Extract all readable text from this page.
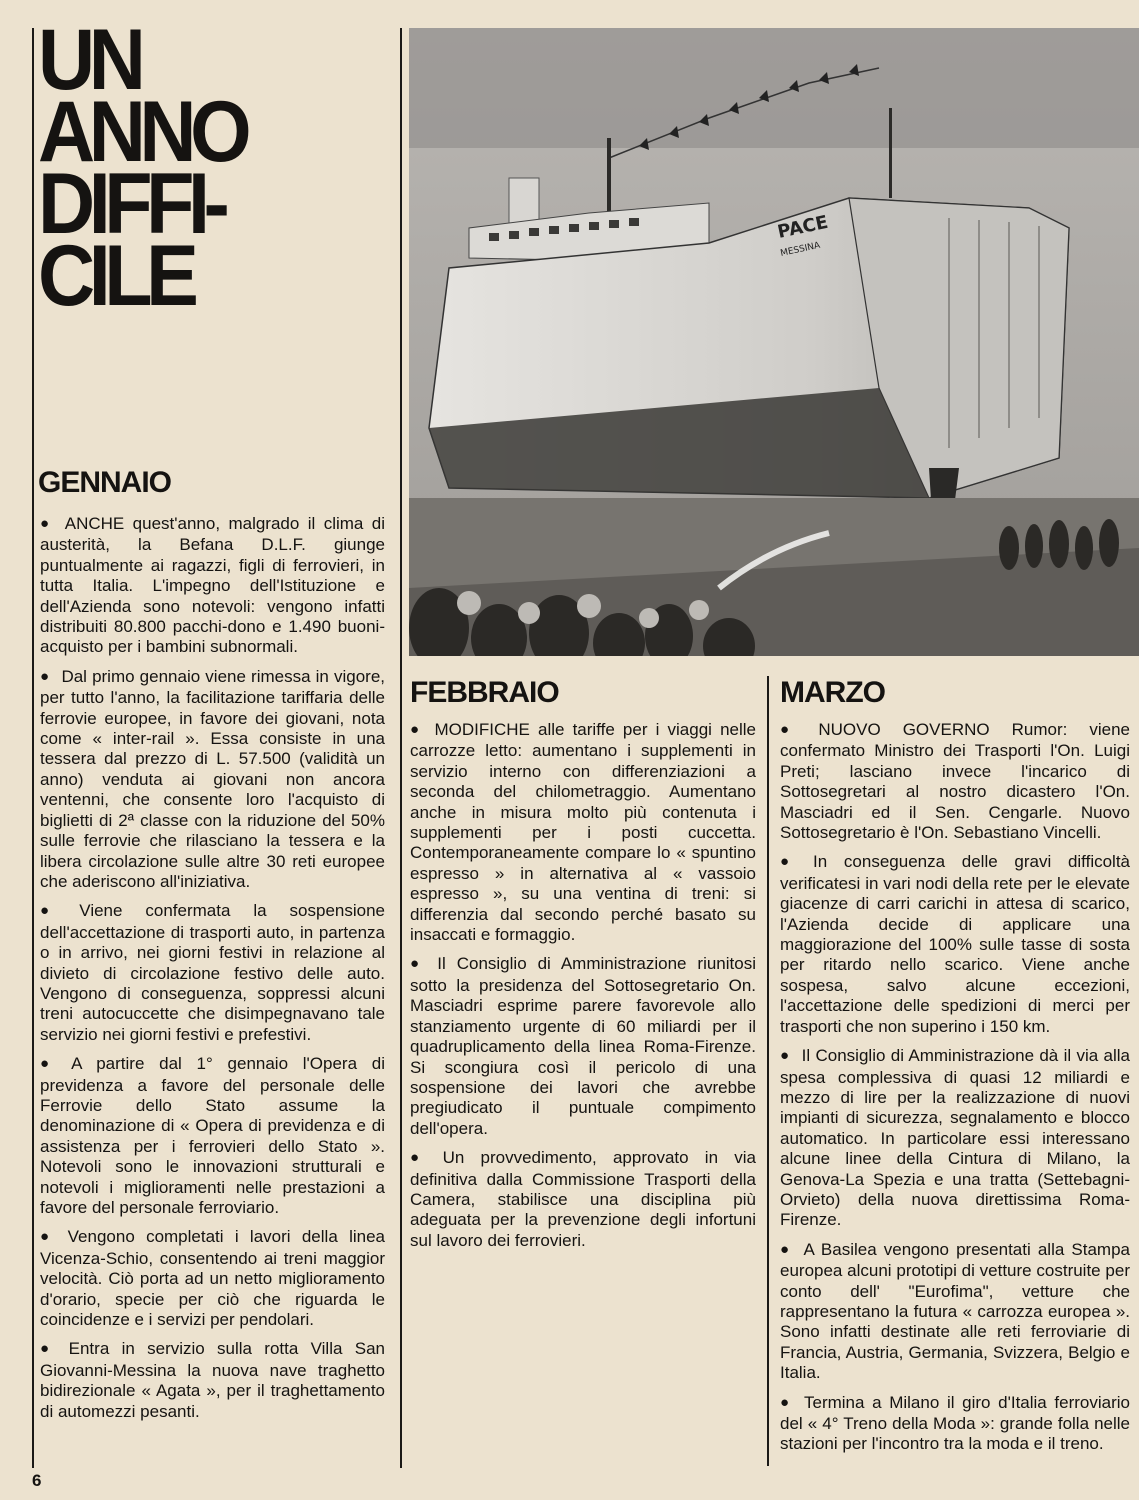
UN
ANNO
DIFFI-
CILE
PACE
MESSINA
GENNAIO

● ANCHE quest'anno, malgrado il clima di austerità, la Befana D.L.F. giunge puntualmente ai ragazzi, figli di ferrovieri, in tutta Italia. L'impegno dell'Istituzione e dell'Azienda sono notevoli: vengono infatti distribuiti 80.800 pacchi-dono e 1.490 buoni-acquisto per i bambini subnormali.

● Dal primo gennaio viene rimessa in vigore, per tutto l'anno, la facilitazione tariffaria delle ferrovie europee, in favore dei giovani, nota come « inter-rail ». Essa consiste in una tessera dal prezzo di L. 57.500 (validità un anno) venduta ai giovani non ancora ventenni, che consente loro l'acquisto di biglietti di 2ª classe con la riduzione del 50% sulle ferrovie che rilasciano la tessera e la libera circolazione sulle altre 30 reti europee che aderiscono all'iniziativa.

● Viene confermata la sospensione dell'accettazione di trasporti auto, in partenza o in arrivo, nei giorni festivi in relazione al divieto di circolazione festivo delle auto. Vengono di conseguenza, soppressi alcuni treni autocuccette che disimpegnavano tale servizio nei giorni festivi e prefestivi.

● A partire dal 1° gennaio l'Opera di previdenza a favore del personale delle Ferrovie dello Stato assume la denominazione di « Opera di previdenza e di assistenza per i ferrovieri dello Stato ». Notevoli sono le innovazioni strutturali e notevoli i miglioramenti nelle prestazioni a favore del personale ferroviario.

● Vengono completati i lavori della linea Vicenza-Schio, consentendo ai treni maggior velocità. Ciò porta ad un netto miglioramento d'orario, specie per ciò che riguarda le coincidenze e i servizi per pendolari.

● Entra in servizio sulla rotta Villa San Giovanni-Messina la nuova nave traghetto bidirezionale « Agata », per il traghettamento di automezzi pesanti.

FEBBRAIO

● MODIFICHE alle tariffe per i viaggi nelle carrozze letto: aumentano i supplementi in servizio interno con differenziazioni a seconda del chilometraggio. Aumentano anche in misura molto più contenuta i supplementi per i posti cuccetta. Contemporaneamente compare lo « spuntino espresso » in alternativa al « vassoio espresso », su una ventina di treni: si differenzia dal secondo perché basato su insaccati e formaggio.

● Il Consiglio di Amministrazione riunitosi sotto la presidenza del Sottosegretario On. Masciadri esprime parere favorevole allo stanziamento urgente di 60 miliardi per il quadruplicamento della linea Roma-Firenze. Si scongiura così il pericolo di una sospensione dei lavori che avrebbe pregiudicato il puntuale compimento dell'opera.

● Un provvedimento, approvato in via definitiva dalla Commissione Trasporti della Camera, stabilisce una disciplina più adeguata per la prevenzione degli infortuni sul lavoro dei ferrovieri.

MARZO

● NUOVO GOVERNO Rumor: viene confermato Ministro dei Trasporti l'On. Luigi Preti; lasciano invece l'incarico di Sottosegretari al nostro dicastero l'On. Masciadri ed il Sen. Cengarle. Nuovo Sottosegretario è l'On. Sebastiano Vincelli.

● In conseguenza delle gravi difficoltà verificatesi in vari nodi della rete per le elevate giacenze di carri carichi in attesa di scarico, l'Azienda decide di applicare una maggiorazione del 100% sulle tasse di sosta per ritardo nello scarico. Viene anche sospesa, salvo alcune eccezioni, l'accettazione delle spedizioni di merci per trasporti che non superino i 150 km.

● Il Consiglio di Amministrazione dà il via alla spesa complessiva di quasi 12 miliardi e mezzo di lire per la realizzazione di nuovi impianti di sicurezza, segnalamento e blocco automatico. In particolare essi interessano alcune linee della Cintura di Milano, la Genova-La Spezia e una tratta (Settebagni-Orvieto) della nuova direttissima Roma-Firenze.

● A Basilea vengono presentati alla Stampa europea alcuni prototipi di vetture costruite per conto dell' "Eurofima", vetture che rappresentano la futura « carrozza europea ». Sono infatti destinate alle reti ferroviarie di Francia, Austria, Germania, Svizzera, Belgio e Italia.

● Termina a Milano il giro d'Italia ferroviario del « 4° Treno della Moda »: grande folla nelle stazioni per l'incontro tra la moda e il treno.

6
